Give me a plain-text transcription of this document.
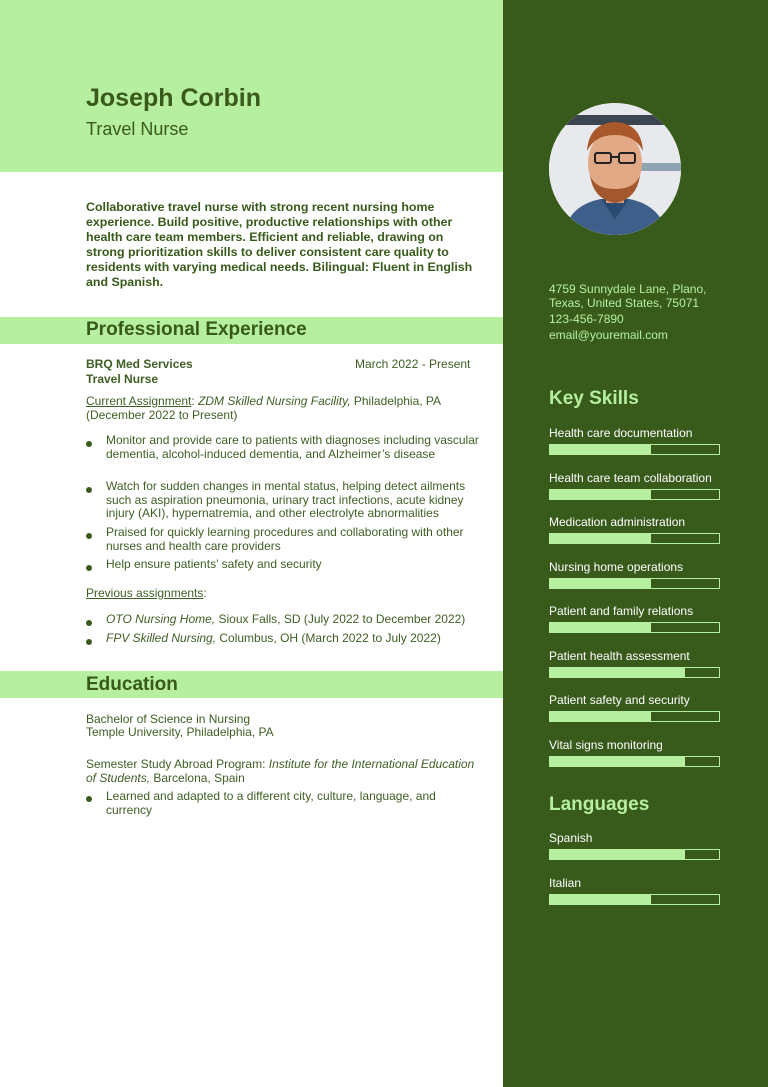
Joseph Corbin
Travel Nurse
Collaborative travel nurse with strong recent nursing home experience. Build positive, productive relationships with other health care team members. Efficient and reliable, drawing on strong prioritization skills to deliver consistent care quality to residents with varying medical needs. Bilingual: Fluent in English and Spanish.
Professional Experience
BRQ Med Services	March 2022 - Present
Travel Nurse
Current Assignment: ZDM Skilled Nursing Facility, Philadelphia, PA
(December 2022 to Present)
Monitor and provide care to patients with diagnoses including vascular dementia, alcohol-induced dementia, and Alzheimer’s disease
Watch for sudden changes in mental status, helping detect ailments such as aspiration pneumonia, urinary tract infections, acute kidney injury (AKI), hypernatremia, and other electrolyte abnormalities
Praised for quickly learning procedures and collaborating with other nurses and health care providers
Help ensure patients’ safety and security
Previous assignments:
OTO Nursing Home, Sioux Falls, SD (July 2022 to December 2022)
FPV Skilled Nursing, Columbus, OH (March 2022 to July 2022)
Education
Bachelor of Science in Nursing
Temple University, Philadelphia, PA
Semester Study Abroad Program: Institute for the International Education of Students, Barcelona, Spain
Learned and adapted to a different city, culture, language, and currency
4759 Sunnydale Lane, Plano,
Texas, United States, 75071
123-456-7890
email@youremail.com
Key Skills
Health care documentation
Health care team collaboration
Medication administration
Nursing home operations
Patient and family relations
Patient health assessment
Patient safety and security
Vital signs monitoring
Languages
Spanish
Italian
